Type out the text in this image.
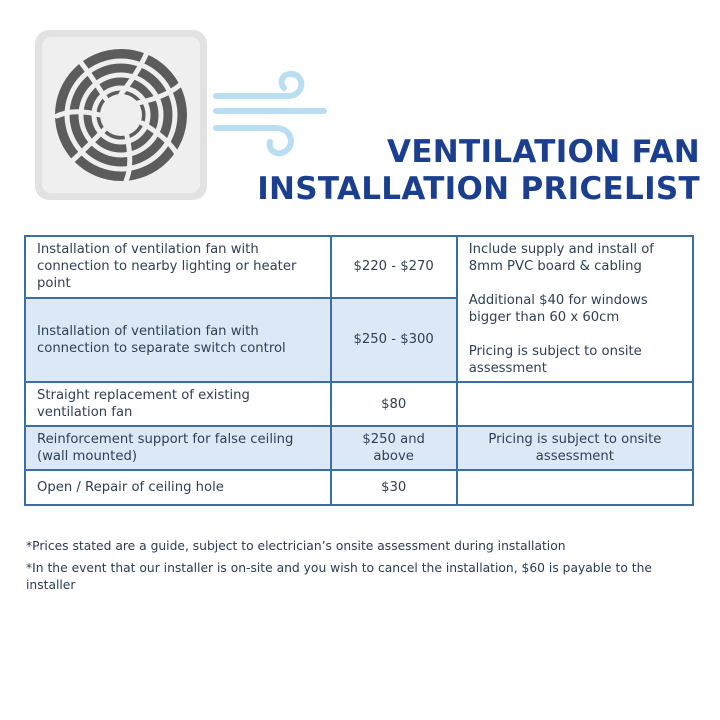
VENTILATION FAN
INSTALLATION PRICELIST
Installation of ventilation fan with connection to nearby lighting or heater point	$220 - $270	Include supply and install of 8mm PVC board & cabling

Additional $40 for windows bigger than 60 x 60cm

Pricing is subject to onsite assessment

Installation of ventilation fan with connection to separate switch control	$250 - $300	
Straight replacement of existing ventilation fan	$80	
Reinforcement support for false ceiling (wall mounted)	$250 and above	Pricing is subject to onsite assessment
Open / Repair of ceiling hole	$30	

*Prices stated are a guide, subject to electrician’s onsite assessment during installation

*In the event that our installer is on-site and you wish to cancel the installation, $60 is payable to the installer
